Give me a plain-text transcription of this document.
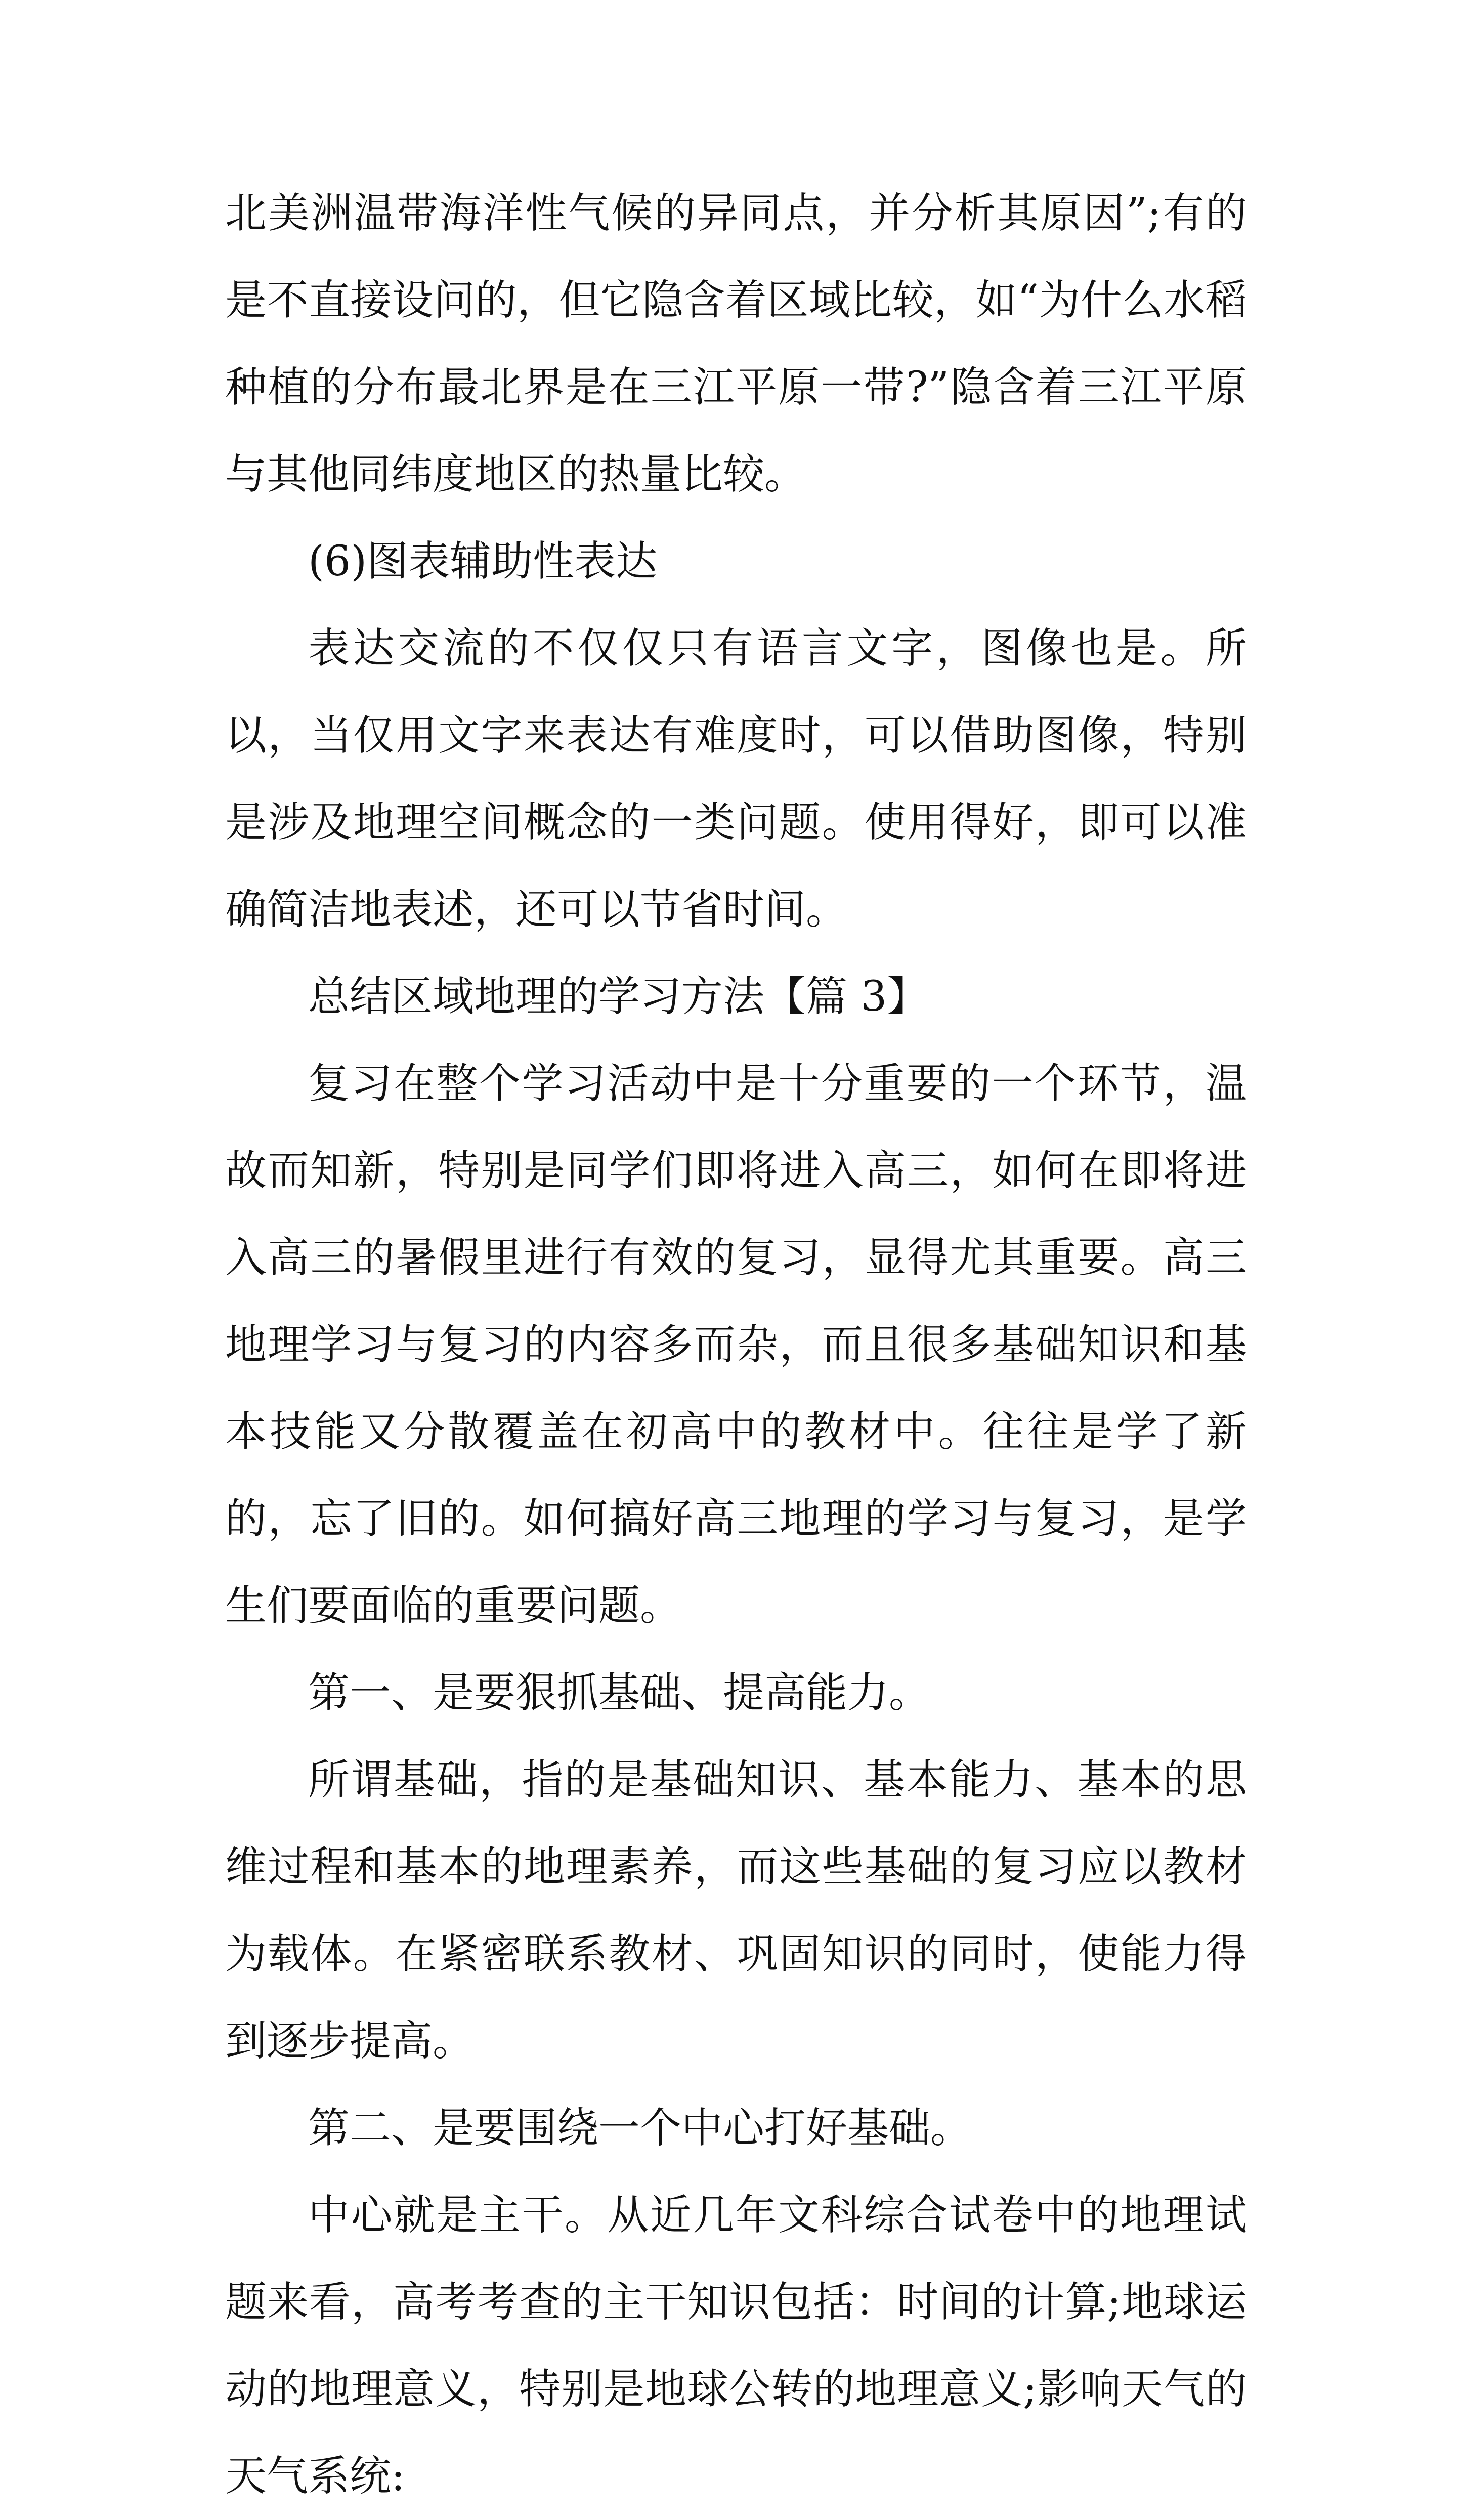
北美洲温带海洋性气候的异同点，并分析其原因”;有的是不直接设问的，但它隐含着区域比较，如“为什么水稻种植的分布最北界是在三江平原一带?”隐含着三江平原与其他同纬度地区的热量比较。

(6)图表辅助性表达

表达交流的不仅仅只有语言文字，图像也是。所以，当仅用文字来表达有难度时，可以借助图像，特别是涉及地理空间概念的一类问题。使用得好，即可以准确简洁地表述，还可以节省时间。

总结区域地理的学习方法【篇 3】

复习在整个学习活动中是十分重要的一个环节，温故而知新，特别是同学们即将进入高三，如何在即将进入高三的暑假里进行有效的复习，显得尤其重要。高三地理学习与复习的内容多而杂，而且很多基础知识和基本技能又分散覆盖在初高中的教材中。往往是学了新的，忘了旧的。如何搞好高三地理的学习与复习，是学生们要面临的重要问题。

第一、是要狠抓基础、提高能力。

所谓基础，指的是基础知识、基本能力、基本的思维过程和基本的地理素养，而这些基础的复习应以教材为载体。在紧密联系教材、巩固知识的同时，使能力得到逐步提高。

第二、是要围绕一个中心打好基础。

中心就是主干。从近几年文科综合试卷中的地理试题来看，高考考查的主干知识包括：时间的计算;地球运动的地理意义，特别是地球公转的地理意义;影响天气的天气系统:
